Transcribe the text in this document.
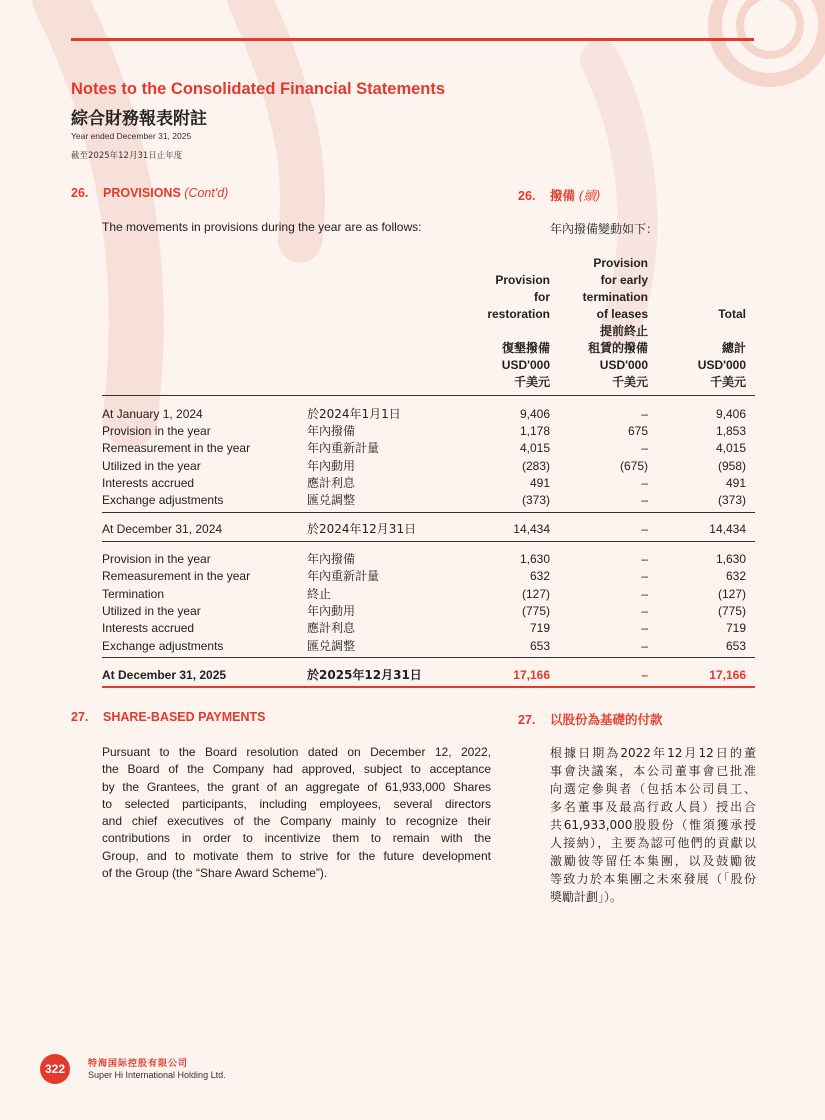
Notes to the Consolidated Financial Statements
綜合財務報表附註
Year ended December 31, 2025
截至2025年12月31日止年度
26. PROVISIONS (Cont'd)	26. 撥備 (續)
The movements in provisions during the year are as follows:	年內撥備變動如下：
Provision
for
restoration
復墾撥備
USD'000
千美元
Provision
for early
termination
of leases
提前終止
租賃的撥備
USD'000
千美元
Total
總計
USD'000
千美元
At January 1, 2024	於2024年1月1日	9,406	–	9,406
Provision in the year	年內撥備	1,178	675	1,853
Remeasurement in the year	年內重新計量	4,015	–	4,015
Utilized in the year	年內動用	(283)	(675)	(958)
Interests accrued	應計利息	491	–	491
Exchange adjustments	匯兑調整	(373)	–	(373)
At December 31, 2024	於2024年12月31日	14,434	–	14,434
Provision in the year	年內撥備	1,630	–	1,630
Remeasurement in the year	年內重新計量	632	–	632
Termination	終止	(127)	–	(127)
Utilized in the year	年內動用	(775)	–	(775)
Interests accrued	應計利息	719	–	719
Exchange adjustments	匯兑調整	653	–	653
At December 31, 2025	於2025年12月31日	17,166	–	17,166
27. SHARE-BASED PAYMENTS	27. 以股份為基礎的付款
Pursuant to the Board resolution dated on December 12, 2022,
the Board of the Company had approved, subject to acceptance
by the Grantees, the grant of an aggregate of 61,933,000 Shares
to selected participants, including employees, several directors
and chief executives of the Company mainly to recognize their
contributions in order to incentivize them to remain with the
Group, and to motivate them to strive for the future development
of the Group (the “Share Award Scheme”).
根據日期為2022年12月12日的董
事會決議案，本公司董事會已批准
向選定參與者（包括本公司員工、
多名董事及最高行政人員）授出合
共61,933,000股股份（惟須獲承授
人接納），主要為認可他們的貢獻以
激勵彼等留任本集團，以及鼓勵彼
等致力於本集團之未來發展（「股份
獎勵計劃」）。
322	特海国际控股有限公司
Super Hi International Holding Ltd.
